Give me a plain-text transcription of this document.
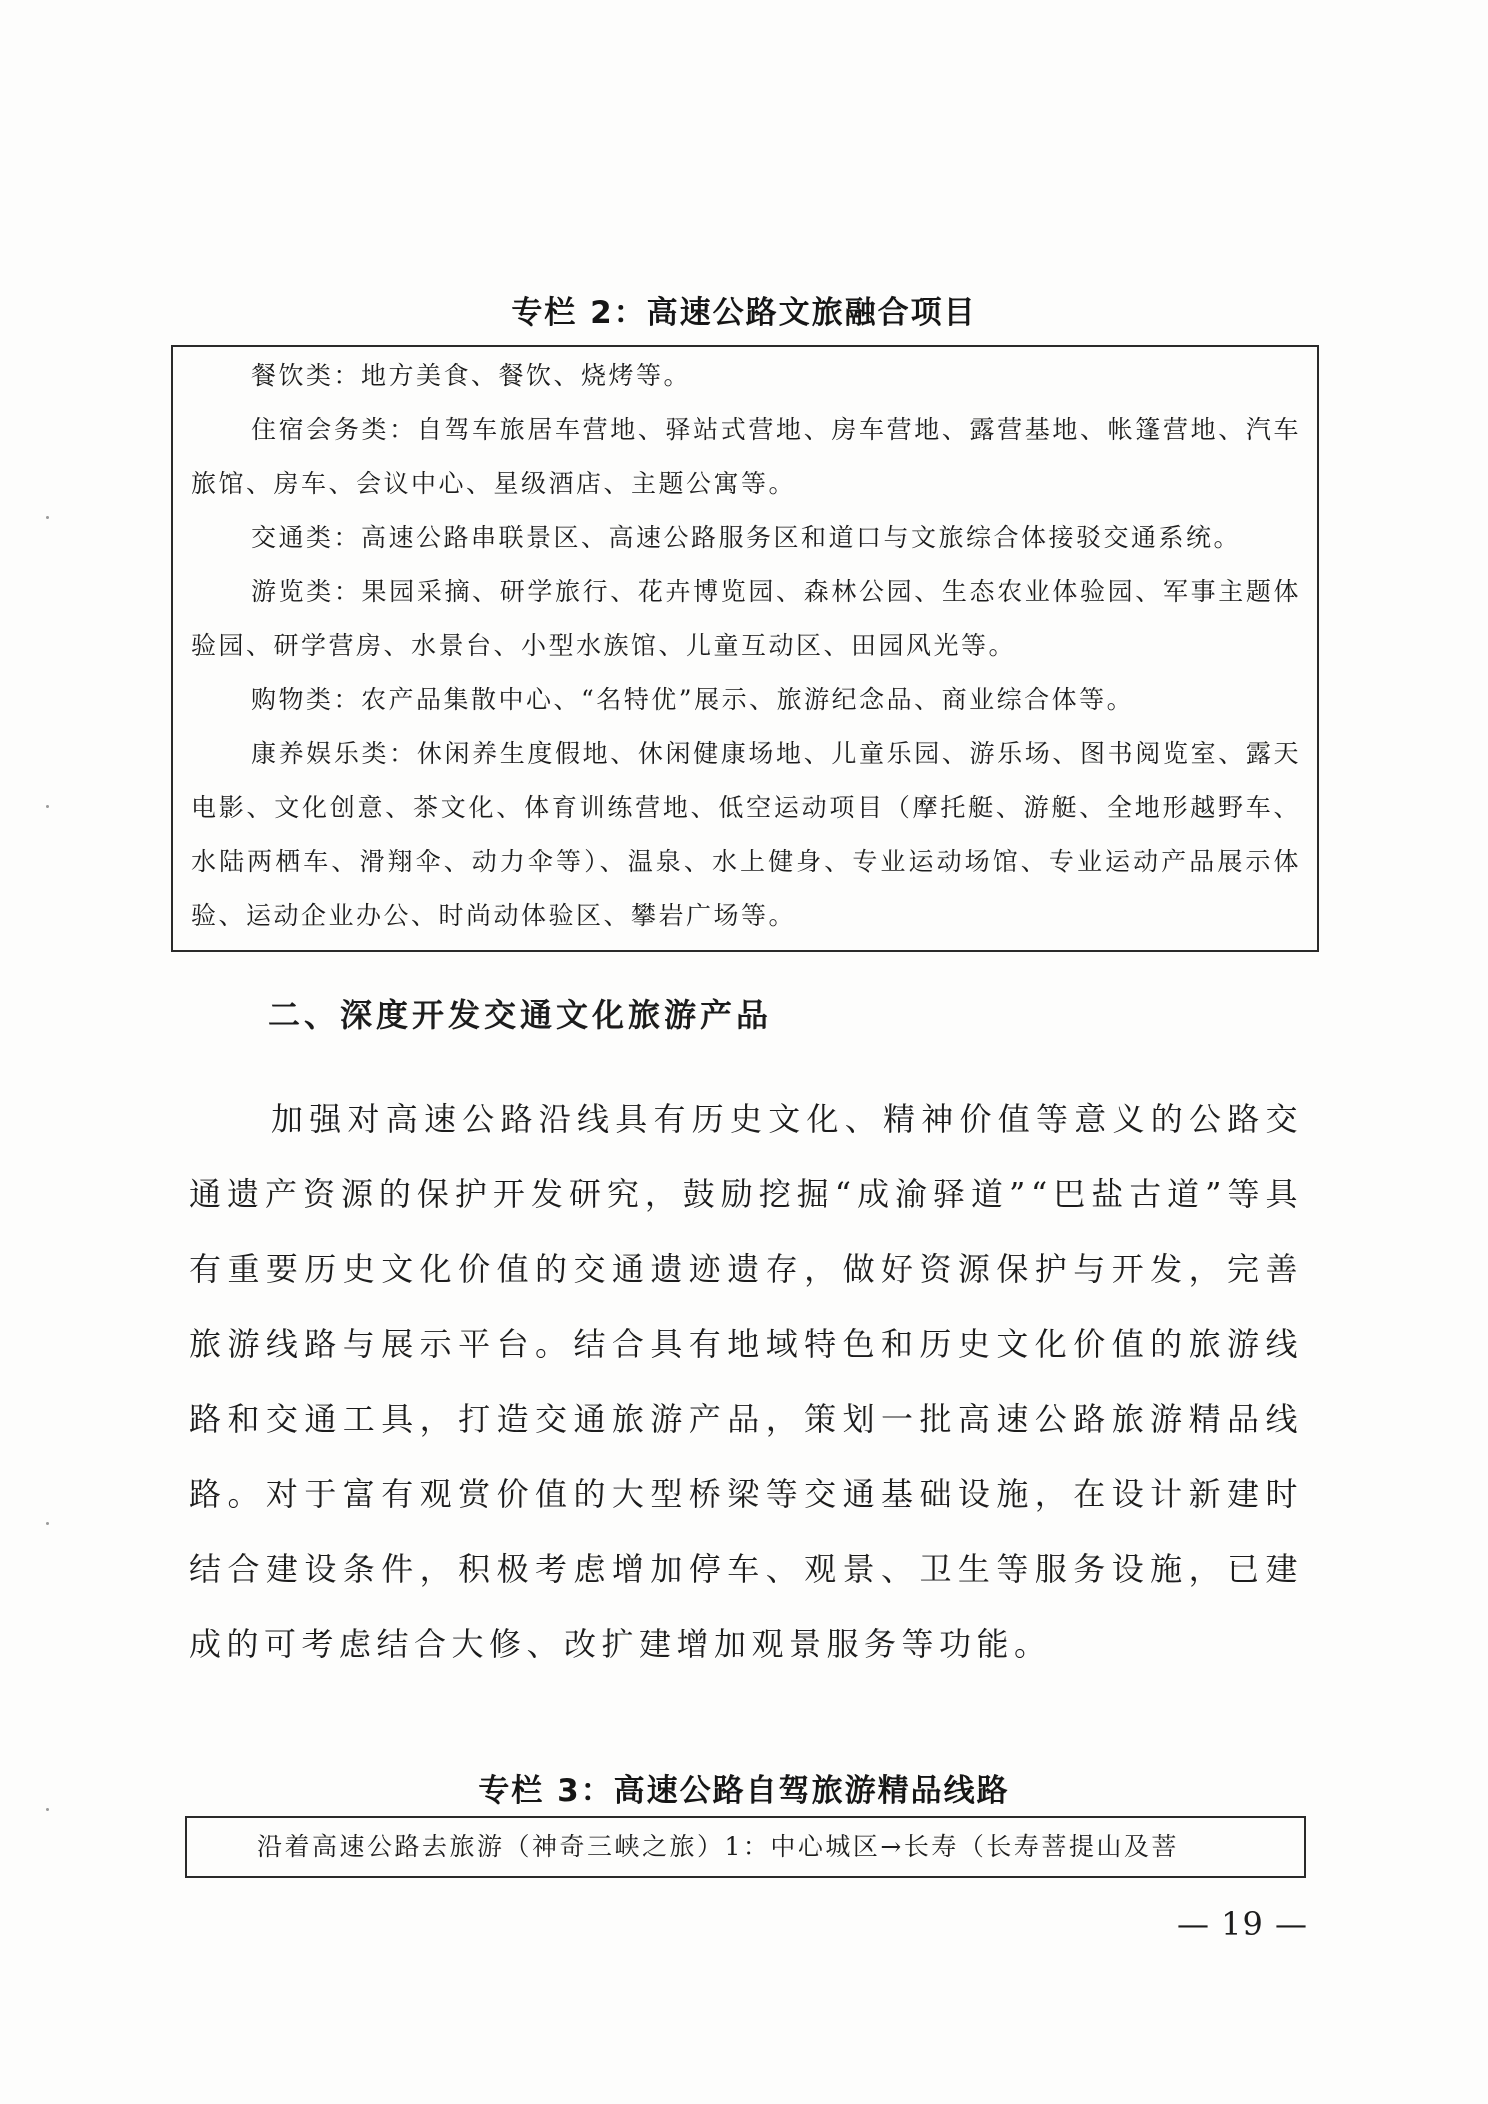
专栏 2：高速公路文旅融合项目

餐饮类：地方美食、餐饮、烧烤等。

住宿会务类：自驾车旅居车营地、驿站式营地、房车营地、露营基地、帐篷营地、汽车旅馆、房车、会议中心、星级酒店、主题公寓等。

交通类：高速公路串联景区、高速公路服务区和道口与文旅综合体接驳交通系统。

游览类：果园采摘、研学旅行、花卉博览园、森林公园、生态农业体验园、军事主题体验园、研学营房、水景台、小型水族馆、儿童互动区、田园风光等。

购物类：农产品集散中心、“名特优”展示、旅游纪念品、商业综合体等。

康养娱乐类：休闲养生度假地、休闲健康场地、儿童乐园、游乐场、图书阅览室、露天电影、文化创意、茶文化、体育训练营地、低空运动项目（摩托艇、游艇、全地形越野车、水陆两栖车、滑翔伞、动力伞等）、温泉、水上健身、专业运动场馆、专业运动产品展示体验、运动企业办公、时尚动体验区、攀岩广场等。

二、深度开发交通文化旅游产品

加强对高速公路沿线具有历史文化、精神价值等意义的公路交通遗产资源的保护开发研究，鼓励挖掘“成渝驿道”“巴盐古道”等具有重要历史文化价值的交通遗迹遗存，做好资源保护与开发，完善旅游线路与展示平台。结合具有地域特色和历史文化价值的旅游线路和交通工具，打造交通旅游产品，策划一批高速公路旅游精品线路。对于富有观赏价值的大型桥梁等交通基础设施，在设计新建时结合建设条件，积极考虑增加停车、观景、卫生等服务设施，已建成的可考虑结合大修、改扩建增加观景服务等功能。

专栏 3：高速公路自驾旅游精品线路

沿着高速公路去旅游（神奇三峡之旅）1：中心城区→长寿（长寿菩提山及菩

— 19 —
